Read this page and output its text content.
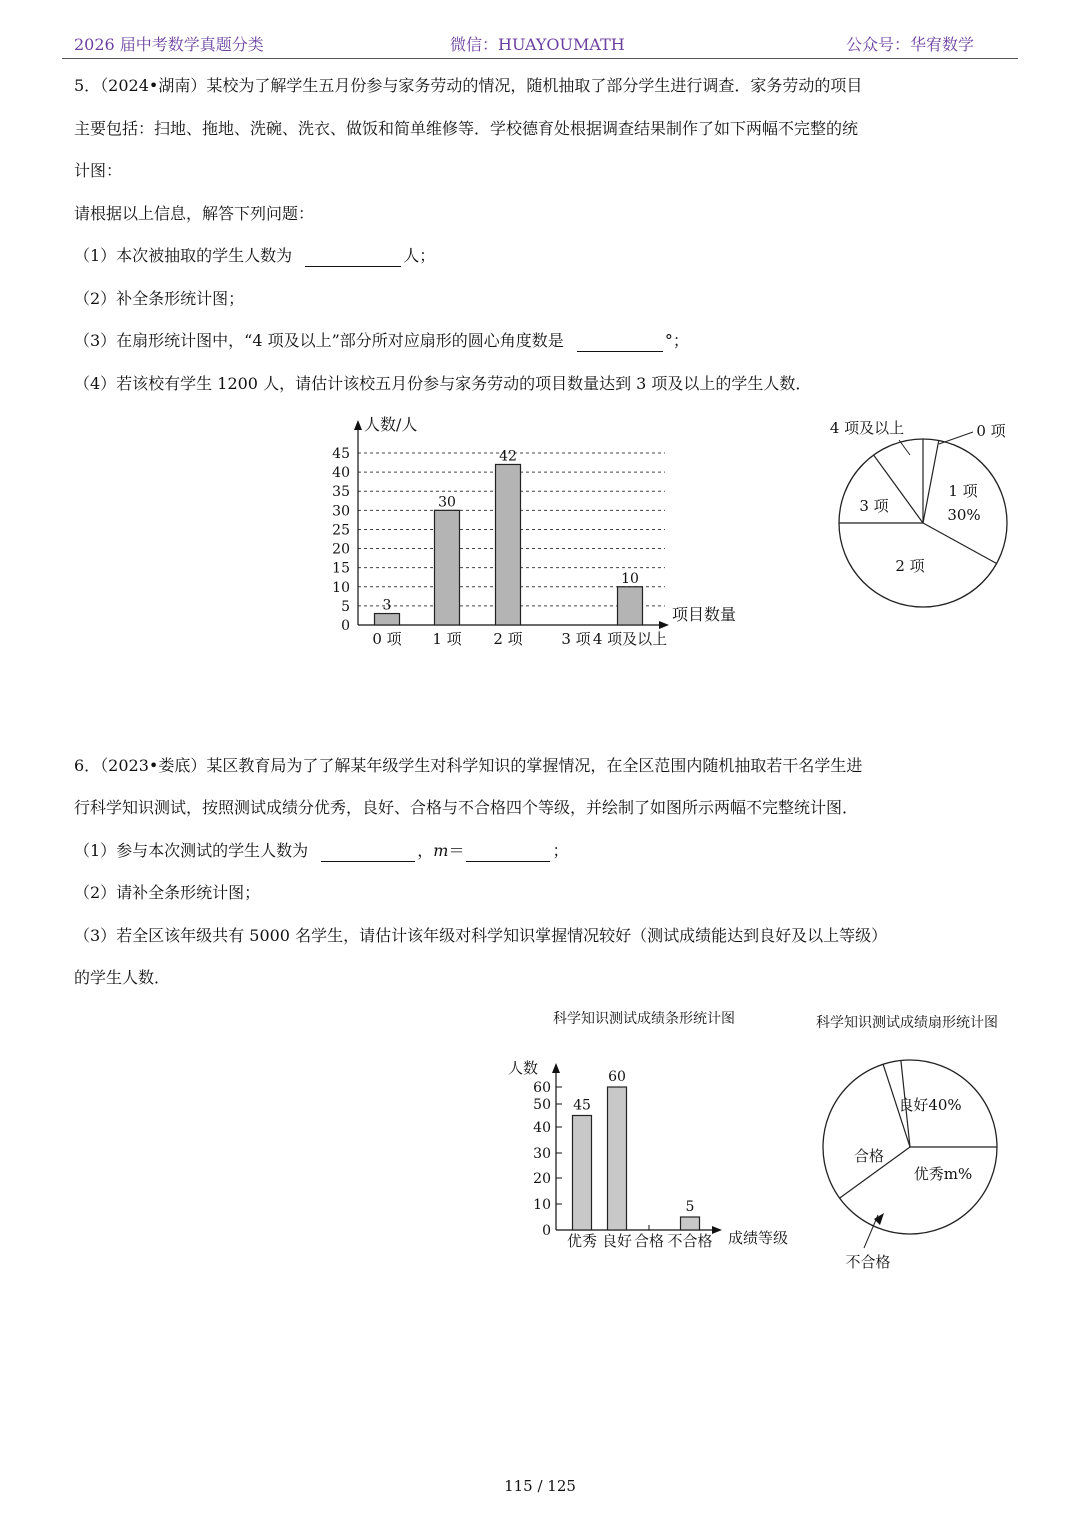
2026 届中考数学真题分类	微信：HUAYOUMATH	公众号：华宥数学
5．（2024•湖南）某校为了解学生五月份参与家务劳动的情况，随机抽取了部分学生进行调查．家务劳动的项目
主要包括：扫地、拖地、洗碗、洗衣、做饭和简单维修等．学校德育处根据调查结果制作了如下两幅不完整的统
计图：
请根据以上信息，解答下列问题：
（1）本次被抽取的学生人数为	人；
（2）补全条形统计图；
（3）在扇形统计图中，“4 项及以上”部分所对应扇形的圆心角度数是	°；
（4）若该校有学生 1200 人，请估计该校五月份参与家务劳动的项目数量达到 3 项及以上的学生人数．
0
5
10
15
20
25
30
35
40
45
人数/人
项目数量
0 项
3
1 项
30
2 项
42
3 项 4 项及以上
10
1 项
30%
2 项
3 项
4 项及以上	0 项
6．（2023•娄底）某区教育局为了了解某年级学生对科学知识的掌握情况，在全区范围内随机抽取若干名学生进
行科学知识测试，按照测试成绩分优秀，良好、合格与不合格四个等级，并绘制了如图所示两幅不完整统计图．
（1）参与本次测试的学生人数为	，m＝	；
（2）请补全条形统计图；
（3）若全区该年级共有 5000 名学生，请估计该年级对科学知识掌握情况较好（测试成绩能达到良好及以上等级）
的学生人数．
科学知识测试成绩条形统计图
人数
成绩等级
0
10
20
30
40
50
60
优秀
45
良好
60
合格 不合格
5
科学知识测试成绩扇形统计图
良好40%
优秀m%
合格
不合格
115 / 125
